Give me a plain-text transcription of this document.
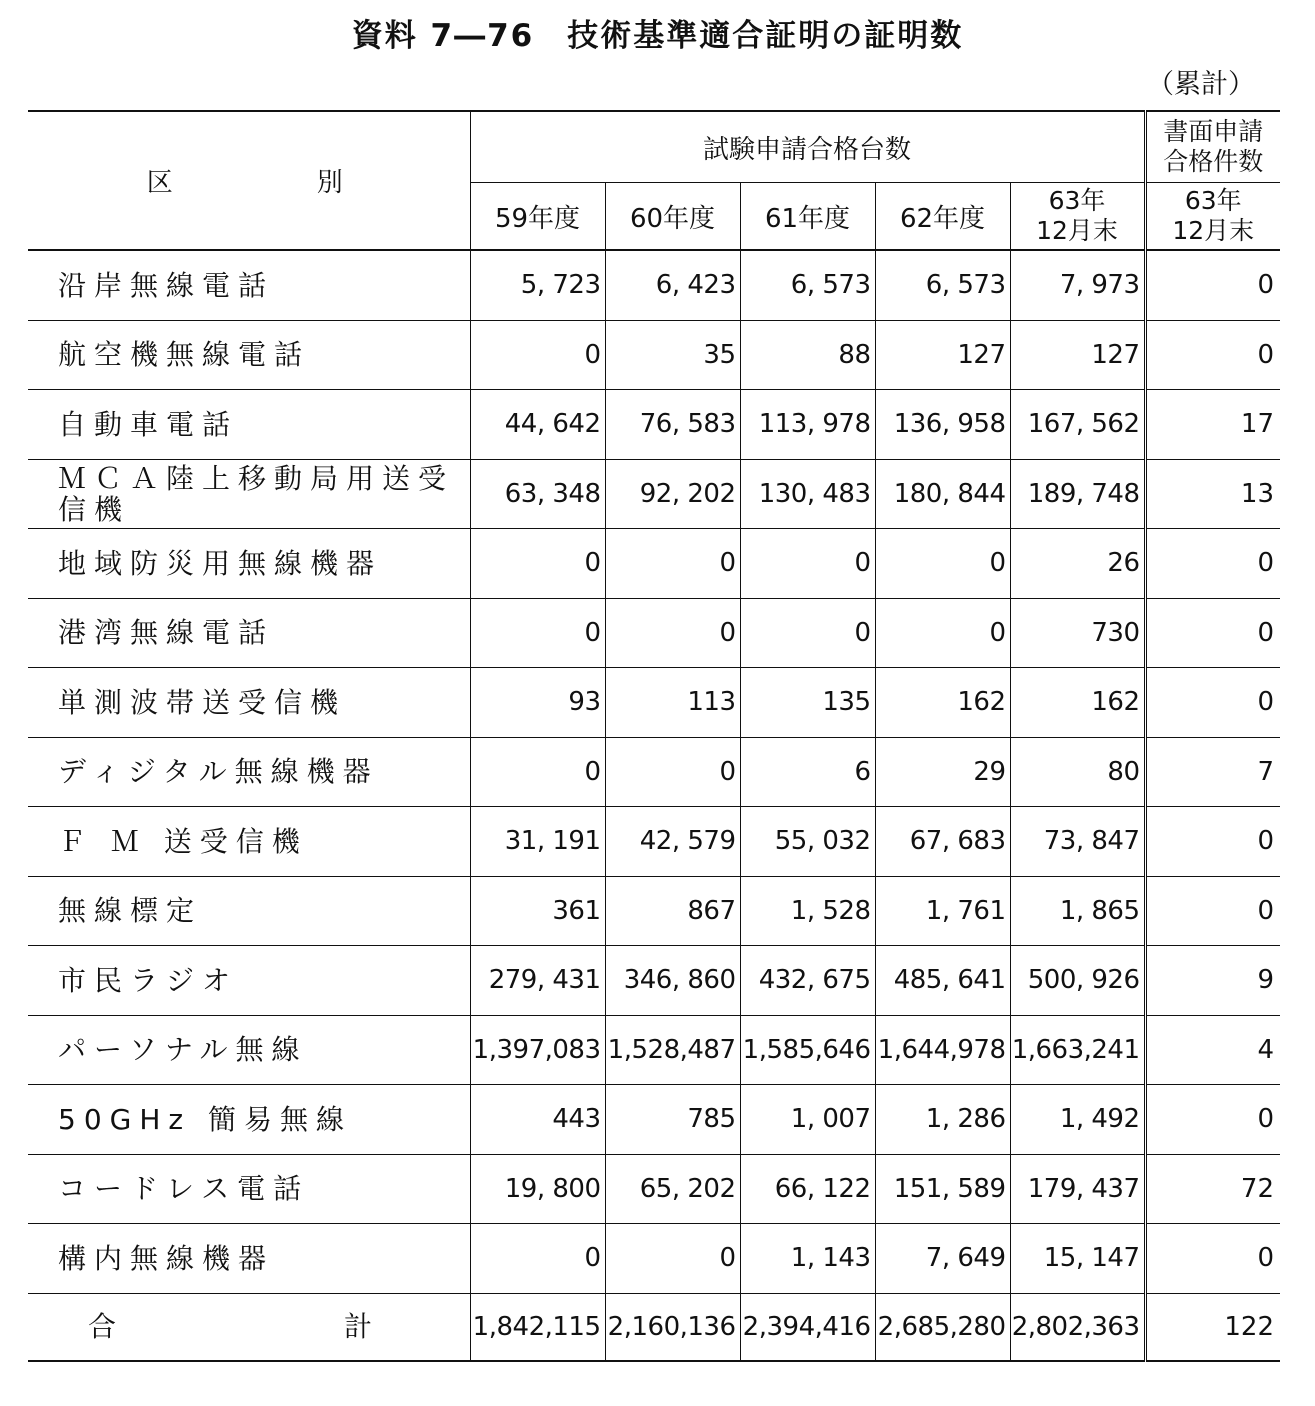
資料 7―76　技術基準適合証明の証明数
（累計）
区　　　　別	試験申請合格台数					書面申請
合格件数

	59年度	60年度	61年度	62年度	63年
12月末	63年
12月末

沿岸無線電話	5, 723	6, 423	6, 573	6, 573	7, 973	0

航空機無線電話	0	35	88	127	127	0

自動車電話	44, 642	76, 583	113, 978	136, 958	167, 562	17

ＭＣＡ陸上移動局用送受
信機	63, 348	92, 202	130, 483	180, 844	189, 748	13

地域防災用無線機器	0	0	0	0	26	0

港湾無線電話	0	0	0	0	730	0

単測波帯送受信機	93	113	135	162	162	0

ディジタル無線機器	0	0	6	29	80	7

Ｆ Ｍ 送受信機	31, 191	42, 579	55, 032	67, 683	73, 847	0

無線標定	361	867	1, 528	1, 761	1, 865	0

市民ラジオ	279, 431	346, 860	432, 675	485, 641	500, 926	9

パーソナル無線	1,397,083	1,528,487	1,585,646	1,644,978	1,663,241	4

50GHz 簡易無線	443	785	1, 007	1, 286	1, 492	0

コードレス電話	19, 800	65, 202	66, 122	151, 589	179, 437	72

構内無線機器	0	0	1, 143	7, 649	15, 147	0

合　　　　　　　計	1,842,115	2,160,136	2,394,416	2,685,280	2,802,363	122
